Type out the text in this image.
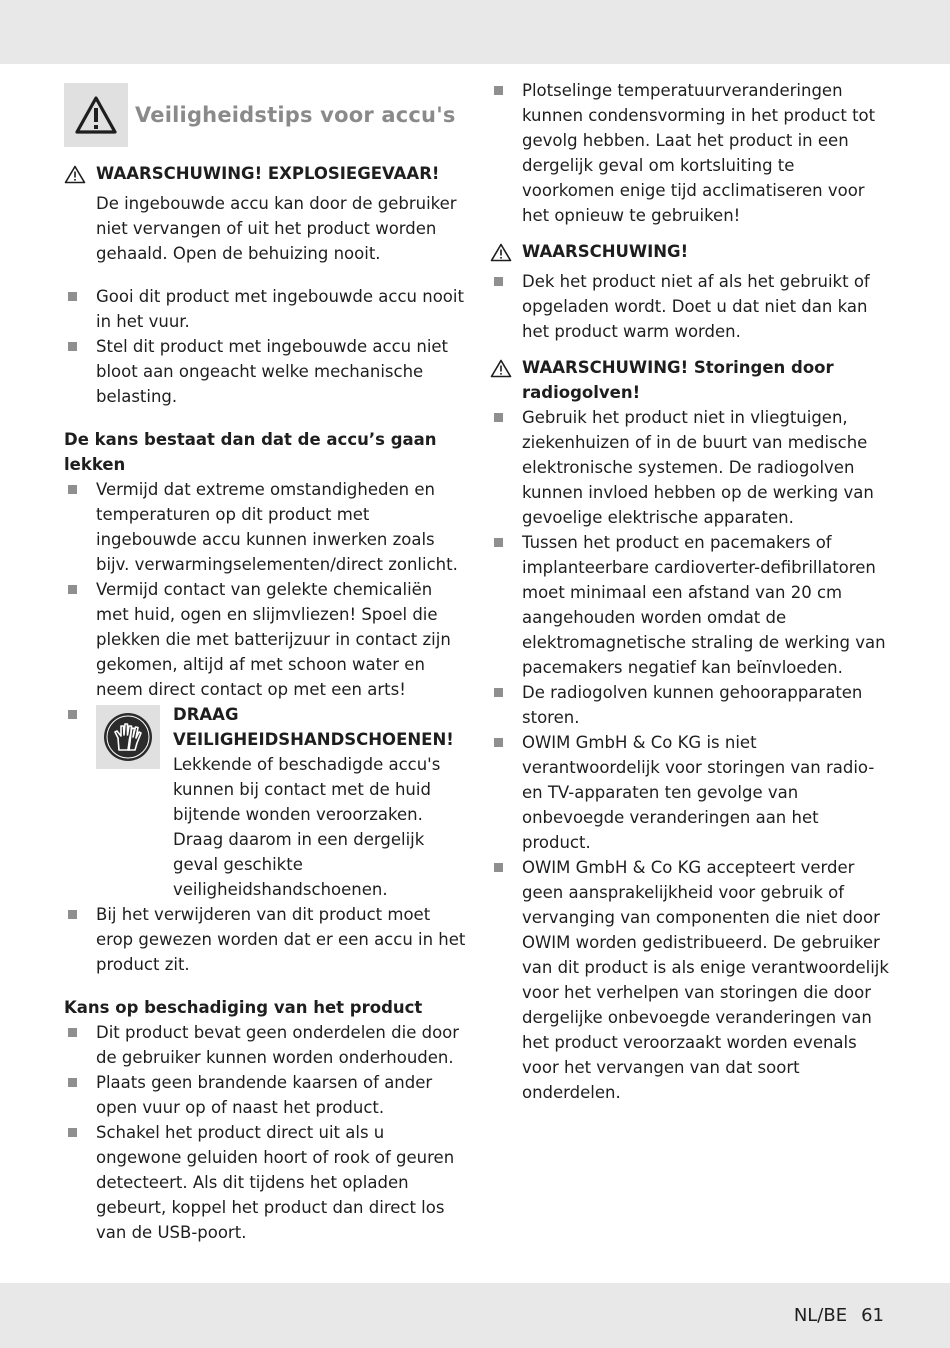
Veiligheidstips voor accu's
WAARSCHUWING! EXPLOSIEGEVAAR!

De ingebouwde accu kan door de gebruiker niet vervangen of uit het product worden gehaald. Open de behuizing nooit.

Gooi dit product met ingebouwde accu nooit in het vuur.
Stel dit product met ingebouwde accu niet bloot aan ongeacht welke mechanische belasting.

De kans bestaat dan dat de accu’s gaan lekken

Vermijd dat extreme omstandigheden en temperaturen op dit product met ingebouwde accu kunnen inwerken zoals bijv. verwarmingselementen/direct zonlicht.
Vermijd contact van gelekte chemicaliën met huid, ogen en slijmvliezen! Spoel die plekken die met batterijzuur in contact zijn gekomen, altijd af met schoon water en neem direct contact op met een arts!
DRAAG VEILIGHEIDSHANDSCHOENEN!
Lekkende of beschadigde accu's kunnen bij contact met de huid bijtende wonden veroorzaken. Draag daarom in een dergelijk geval geschikte veiligheidshandschoenen.
Bij het verwijderen van dit product moet erop gewezen worden dat er een accu in het product zit.

Kans op beschadiging van het product

Dit product bevat geen onderdelen die door de gebruiker kunnen worden onderhouden.
Plaats geen brandende kaarsen of ander open vuur op of naast het product.
Schakel het product direct uit als u ongewone geluiden hoort of rook of geuren detecteert. Als dit tijdens het opladen gebeurt, koppel het product dan direct los van de USB-poort.
Plotselinge temperatuurveranderingen kunnen condensvorming in het product tot gevolg hebben. Laat het product in een dergelijk geval om kortsluiting te voorkomen enige tijd acclimatiseren voor het opnieuw te gebruiken!
WAARSCHUWING!
Dek het product niet af als het gebruikt of opgeladen wordt. Doet u dat niet dan kan het product warm worden.
WAARSCHUWING! Storingen door radiogolven!
Gebruik het product niet in vliegtuigen, ziekenhuizen of in de buurt van medische elektronische systemen. De radiogolven kunnen invloed hebben op de werking van gevoelige elektrische apparaten.
Tussen het product en pacemakers of implanteerbare cardioverter-defibrillatoren moet minimaal een afstand van 20 cm aangehouden worden omdat de elektromagnetische straling de werking van pacemakers negatief kan beïnvloeden.
De radiogolven kunnen gehoorapparaten storen.
OWIM GmbH & Co KG is niet verantwoordelijk voor storingen van radio- en TV-apparaten ten gevolge van onbevoegde veranderingen aan het product.
OWIM GmbH & Co KG accepteert verder geen aansprakelijkheid voor gebruik of vervanging van componenten die niet door OWIM worden gedistribueerd. De gebruiker van dit product is als enige verantwoordelijk voor het verhelpen van storingen die door dergelijke onbevoegde veranderingen van het product veroorzaakt worden evenals voor het vervangen van dat soort onderdelen.
NL/BE 61
